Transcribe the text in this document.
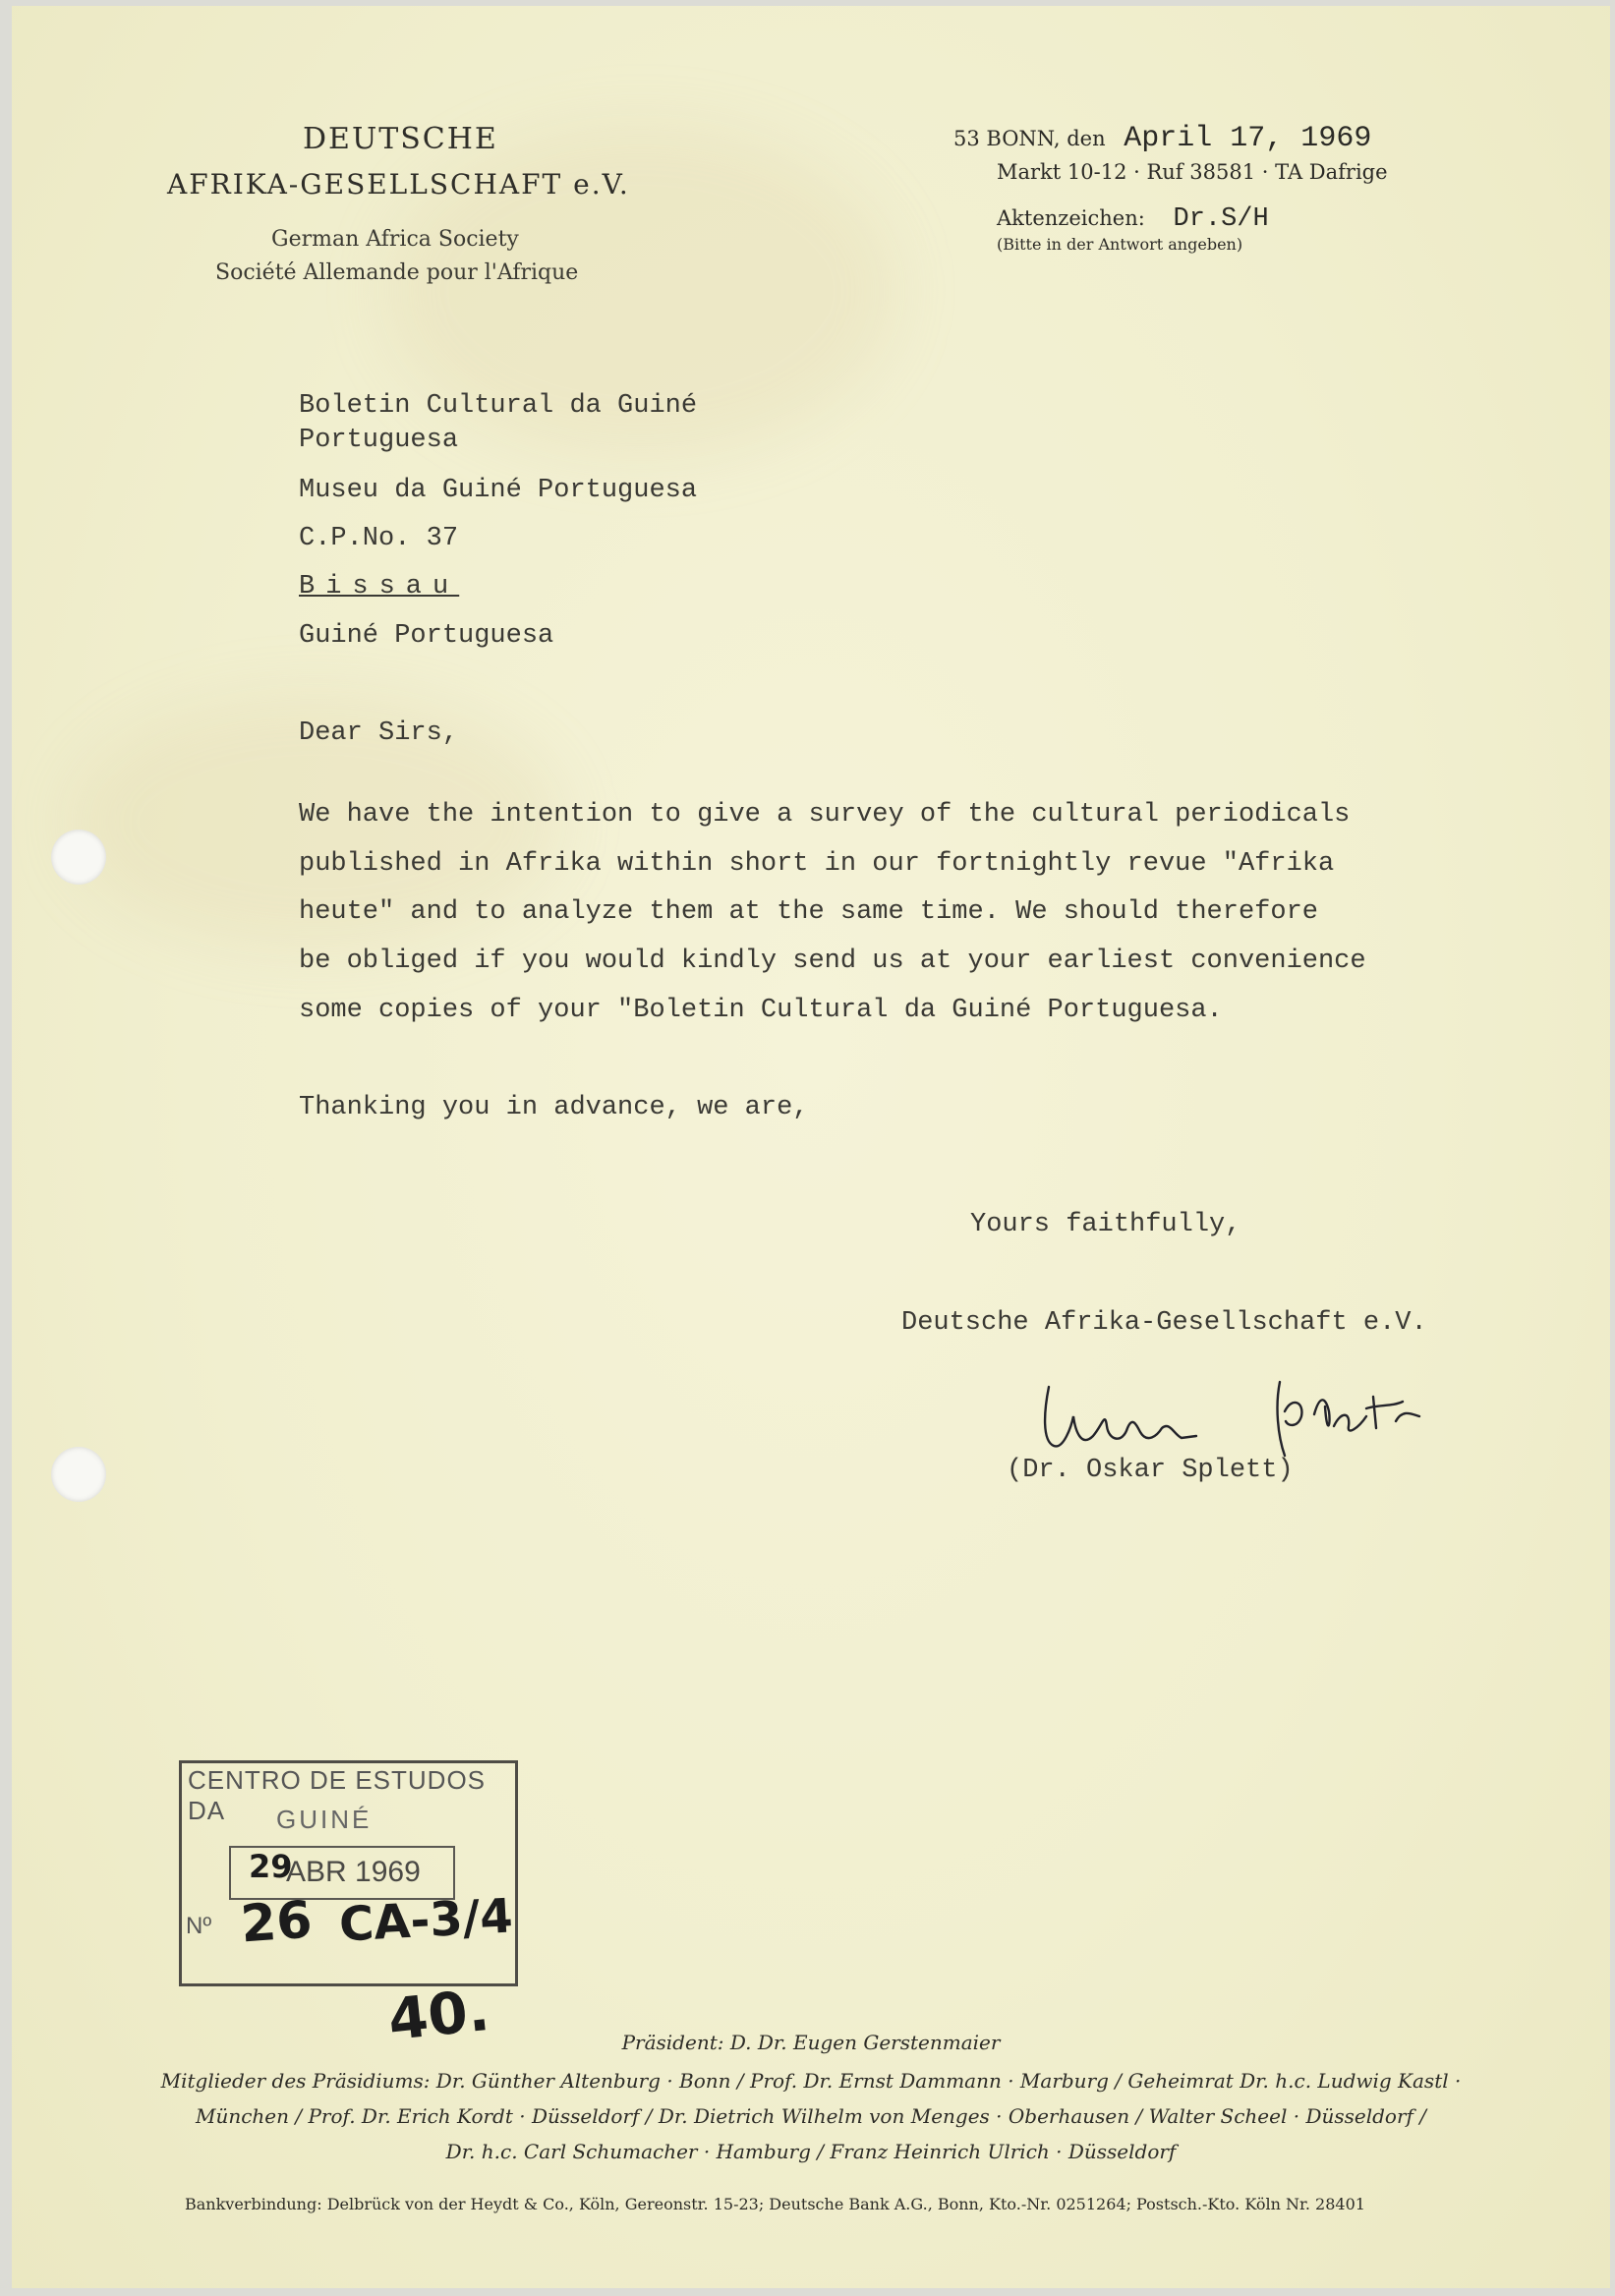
DEUTSCHE
AFRIKA-GESELLSCHAFT e.V.
German Africa Society
Société Allemande pour l'Afrique
53 BONN, den April 17, 1969
Markt 10-12 · Ruf 38581 · TA Dafrige
Aktenzeichen: Dr.S/H
(Bitte in der Antwort angeben)
Boletin Cultural da Guiné
Portuguesa
Museu da Guiné Portuguesa
C.P.No. 37
Bissau
Guiné Portuguesa
Dear Sirs,
We have the intention to give a survey of the cultural periodicals
published in Afrika within short in our fortnightly revue "Afrika
heute" and to analyze them at the same time. We should therefore
be obliged if you would kindly send us at your earliest convenience
some copies of your "Boletin Cultural da Guiné Portuguesa.
Thanking you in advance, we are,
Yours faithfully,
Deutsche Afrika-Gesellschaft e.V.
(Dr. Oskar Splett)
CENTRO DE ESTUDOS DA	GUINÉ
ABR 1969
29
Nº 26 CA-3/4
40.	Präsident: D. Dr. Eugen Gerstenmaier
Mitglieder des Präsidiums: Dr. Günther Altenburg · Bonn / Prof. Dr. Ernst Dammann · Marburg / Geheimrat Dr. h.c. Ludwig Kastl ·
München / Prof. Dr. Erich Kordt · Düsseldorf / Dr. Dietrich Wilhelm von Menges · Oberhausen / Walter Scheel · Düsseldorf /
Dr. h.c. Carl Schumacher · Hamburg / Franz Heinrich Ulrich · Düsseldorf
Bankverbindung: Delbrück von der Heydt & Co., Köln, Gereonstr. 15-23; Deutsche Bank A.G., Bonn, Kto.-Nr. 0251264; Postsch.-Kto. Köln Nr. 28401
